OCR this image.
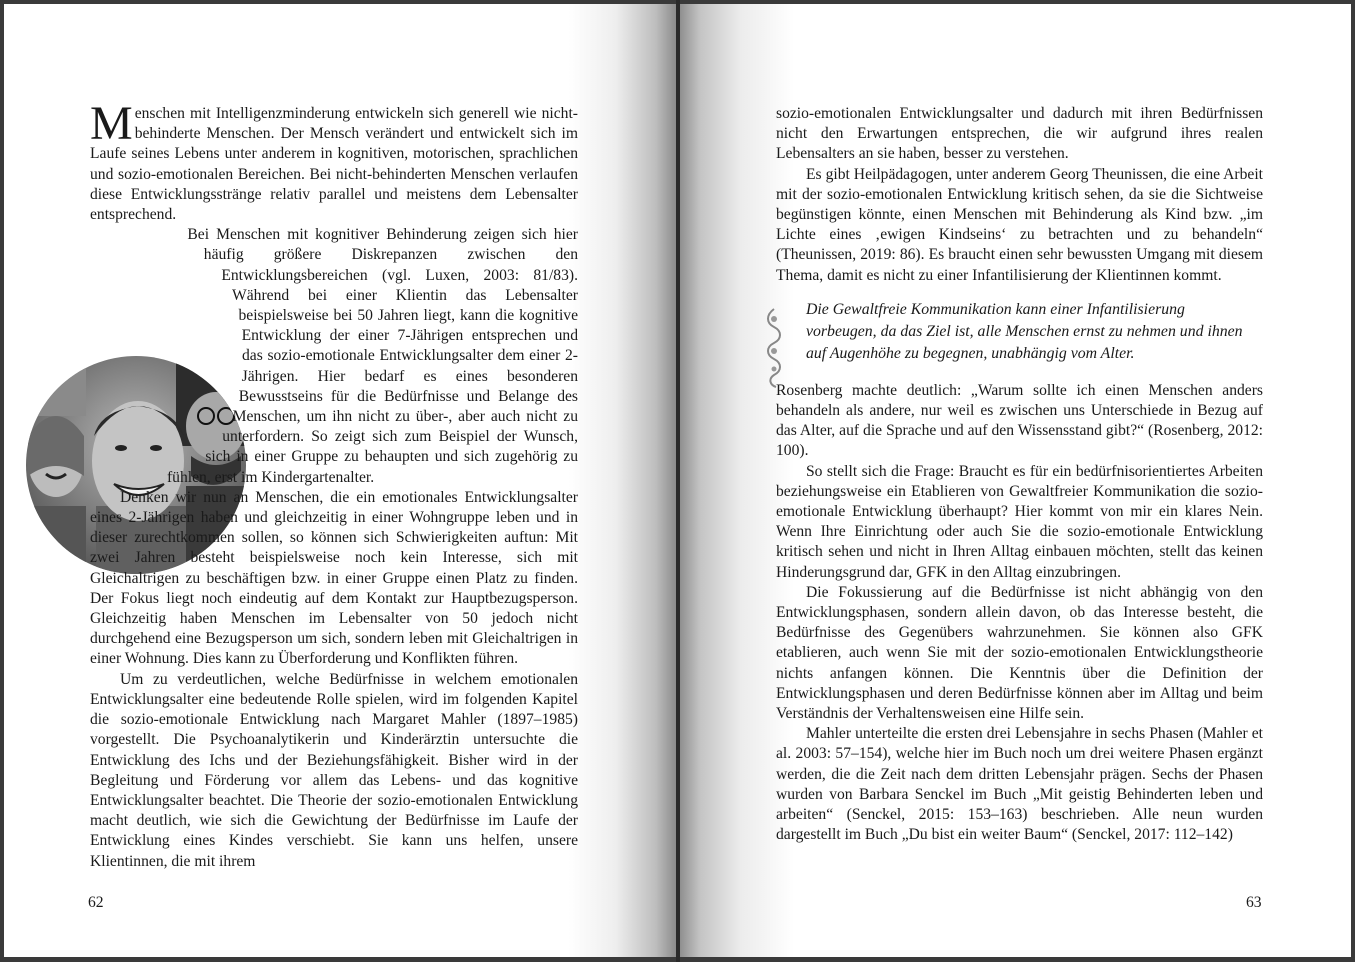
Menschen mit Intelligenzminderung entwickeln sich generell wie nicht-behinderte Menschen. Der Mensch verändert und entwickelt sich im Laufe seines Lebens unter anderem in kognitiven, motorischen, sprachlichen und sozio-emotionalen Bereichen. Bei nicht-behinderten Menschen verlaufen diese Entwicklungsstränge relativ parallel und meistens dem Lebensalter entsprechend.

Bei Menschen mit kognitiver Behinderung zeigen sich hier häufig größere Diskrepanzen zwischen den Entwicklungsbereichen (vgl. Luxen, 2003: 81/83). Während bei einer Klientin das Lebensalter beispielsweise bei 50 Jahren liegt, kann die kognitive Entwicklung der einer 7-Jährigen entsprechen und das sozio-emotionale Entwicklungsalter dem einer 2-Jährigen. Hier bedarf es eines besonderen Bewusstseins für die Bedürfnisse und Belange des Menschen, um ihn nicht zu über-, aber auch nicht zu unterfordern. So zeigt sich zum Beispiel der Wunsch, sich in einer Gruppe zu behaupten und sich zugehörig zu fühlen, erst im Kindergartenalter.

Denken wir nun an Menschen, die ein emotionales Entwicklungsalter eines 2-Jährigen haben und gleichzeitig in einer Wohngruppe leben und in dieser zurechtkommen sollen, so können sich Schwierigkeiten auftun: Mit zwei Jahren besteht beispielsweise noch kein Interesse, sich mit Gleichaltrigen zu beschäftigen bzw. in einer Gruppe einen Platz zu finden. Der Fokus liegt noch eindeutig auf dem Kontakt zur Hauptbezugsperson. Gleichzeitig haben Menschen im Lebensalter von 50 jedoch nicht durchgehend eine Bezugsperson um sich, sondern leben mit Gleichaltrigen in einer Wohnung. Dies kann zu Überforderung und Konflikten führen.

Um zu verdeutlichen, welche Bedürfnisse in welchem emotionalen Entwicklungsalter eine bedeutende Rolle spielen, wird im folgenden Kapitel die sozio-emotionale Entwicklung nach Margaret Mahler (1897–1985) vorgestellt. Die Psychoanalytikerin und Kinderärztin untersuchte die Entwicklung des Ichs und der Beziehungsfähigkeit. Bisher wird in der Begleitung und Förderung vor allem das Lebens- und das kognitive Entwicklungsalter beachtet. Die Theorie der sozio-emotionalen Entwicklung macht deutlich, wie sich die Gewichtung der Bedürfnisse im Laufe der Entwicklung eines Kindes verschiebt. Sie kann uns helfen, unsere Klientinnen, die mit ihrem

62

sozio-emotionalen Entwicklungsalter und dadurch mit ihren Bedürfnissen nicht den Erwartungen entsprechen, die wir aufgrund ihres realen Lebensalters an sie haben, besser zu verstehen.

Es gibt Heilpädagogen, unter anderem Georg Theunissen, die eine Arbeit mit der sozio-emotionalen Entwicklung kritisch sehen, da sie die Sichtweise begünstigen könnte, einen Menschen mit Behinderung als Kind bzw. „im Lichte eines ‚ewigen Kindseins‘ zu betrachten und zu behandeln“ (Theunissen, 2019: 86). Es braucht einen sehr bewussten Umgang mit diesem Thema, damit es nicht zu einer Infantilisierung der Klientinnen kommt.

Rosenberg machte deutlich: „Warum sollte ich einen Menschen anders behandeln als andere, nur weil es zwischen uns Unterschiede in Bezug auf das Alter, auf die Sprache und auf den Wissensstand gibt?“ (Rosenberg, 2012: 100).

So stellt sich die Frage: Braucht es für ein bedürfnisorientiertes Arbeiten beziehungsweise ein Etablieren von Gewaltfreier Kommunikation die sozio-emotionale Entwicklung überhaupt? Hier kommt von mir ein klares Nein. Wenn Ihre Einrichtung oder auch Sie die sozio-emotionale Entwicklung kritisch sehen und nicht in Ihren Alltag einbauen möchten, stellt das keinen Hinderungsgrund dar, GFK in den Alltag einzubringen.

Die Fokussierung auf die Bedürfnisse ist nicht abhängig von den Entwicklungsphasen, sondern allein davon, ob das Interesse besteht, die Bedürfnisse des Gegenübers wahrzunehmen. Sie können also GFK etablieren, auch wenn Sie mit der sozio-emotionalen Entwicklungstheorie nichts anfangen können. Die Kenntnis über die Definition der Entwicklungsphasen und deren Bedürfnisse können aber im Alltag und beim Verständnis der Verhaltensweisen eine Hilfe sein.

Mahler unterteilte die ersten drei Lebensjahre in sechs Phasen (Mahler et al. 2003: 57–154), welche hier im Buch noch um drei weitere Phasen ergänzt werden, die die Zeit nach dem dritten Lebensjahr prägen. Sechs der Phasen wurden von Barbara Senckel im Buch „Mit geistig Behinderten leben und arbeiten“ (Senckel, 2015: 153–163) beschrieben. Alle neun wurden dargestellt im Buch „Du bist ein weiter Baum“ (Senckel, 2017: 112–142)

Die Gewaltfreie Kommunikation kann einer Infantilisierung vorbeugen, da das Ziel ist, alle Menschen ernst zu nehmen und ihnen auf Augenhöhe zu begegnen, unabhängig vom Alter.
63
